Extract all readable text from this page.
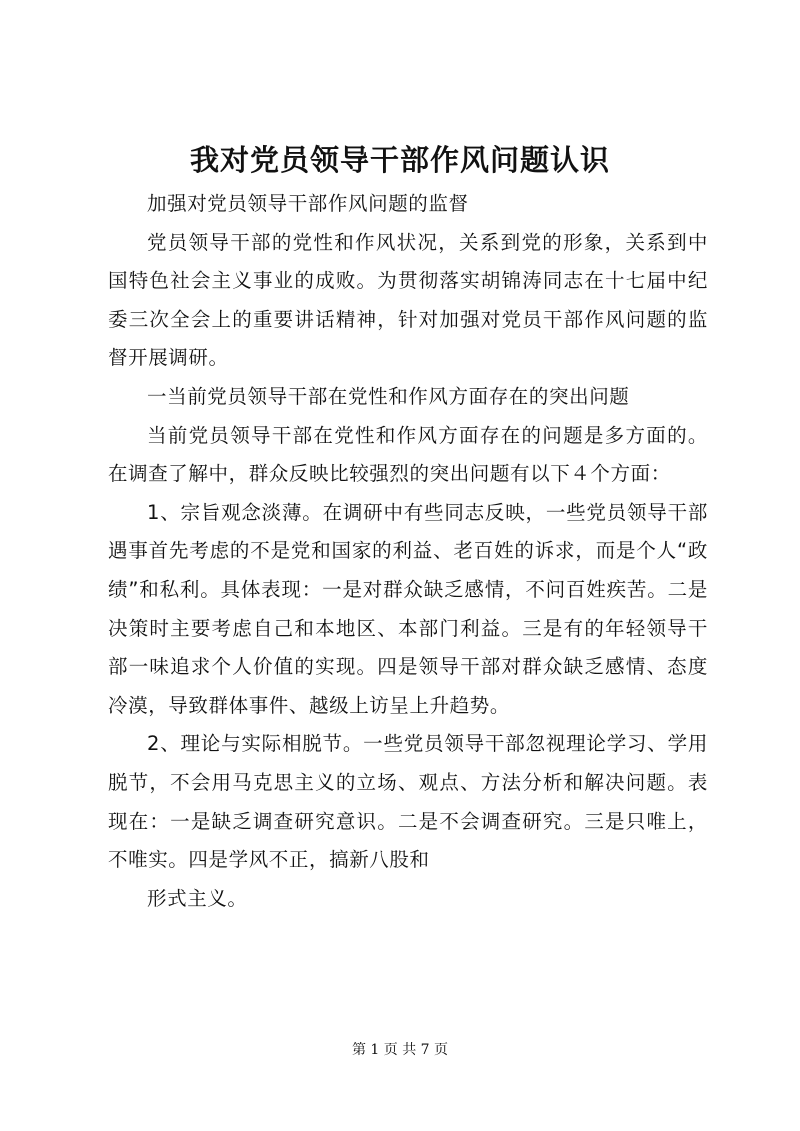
我对党员领导干部作风问题认识

加强对党员领导干部作风问题的监督

党员领导干部的党性和作风状况，关系到党的形象，关系到中国特色社会主义事业的成败。为贯彻落实胡锦涛同志在十七届中纪委三次全会上的重要讲话精神，针对加强对党员干部作风问题的监督开展调研。

一当前党员领导干部在党性和作风方面存在的突出问题

当前党员领导干部在党性和作风方面存在的问题是多方面的。在调查了解中，群众反映比较强烈的突出问题有以下４个方面：

1、宗旨观念淡薄。在调研中有些同志反映，一些党员领导干部遇事首先考虑的不是党和国家的利益、老百姓的诉求，而是个人“政绩”和私利。具体表现：一是对群众缺乏感情，不问百姓疾苦。二是决策时主要考虑自己和本地区、本部门利益。三是有的年轻领导干部一味追求个人价值的实现。四是领导干部对群众缺乏感情、态度冷漠，导致群体事件、越级上访呈上升趋势。

2、理论与实际相脱节。一些党员领导干部忽视理论学习、学用脱节，不会用马克思主义的立场、观点、方法分析和解决问题。表现在：一是缺乏调查研究意识。二是不会调查研究。三是只唯上，不唯实。四是学风不正，搞新八股和

形式主义。

第 1 页 共 7 页
